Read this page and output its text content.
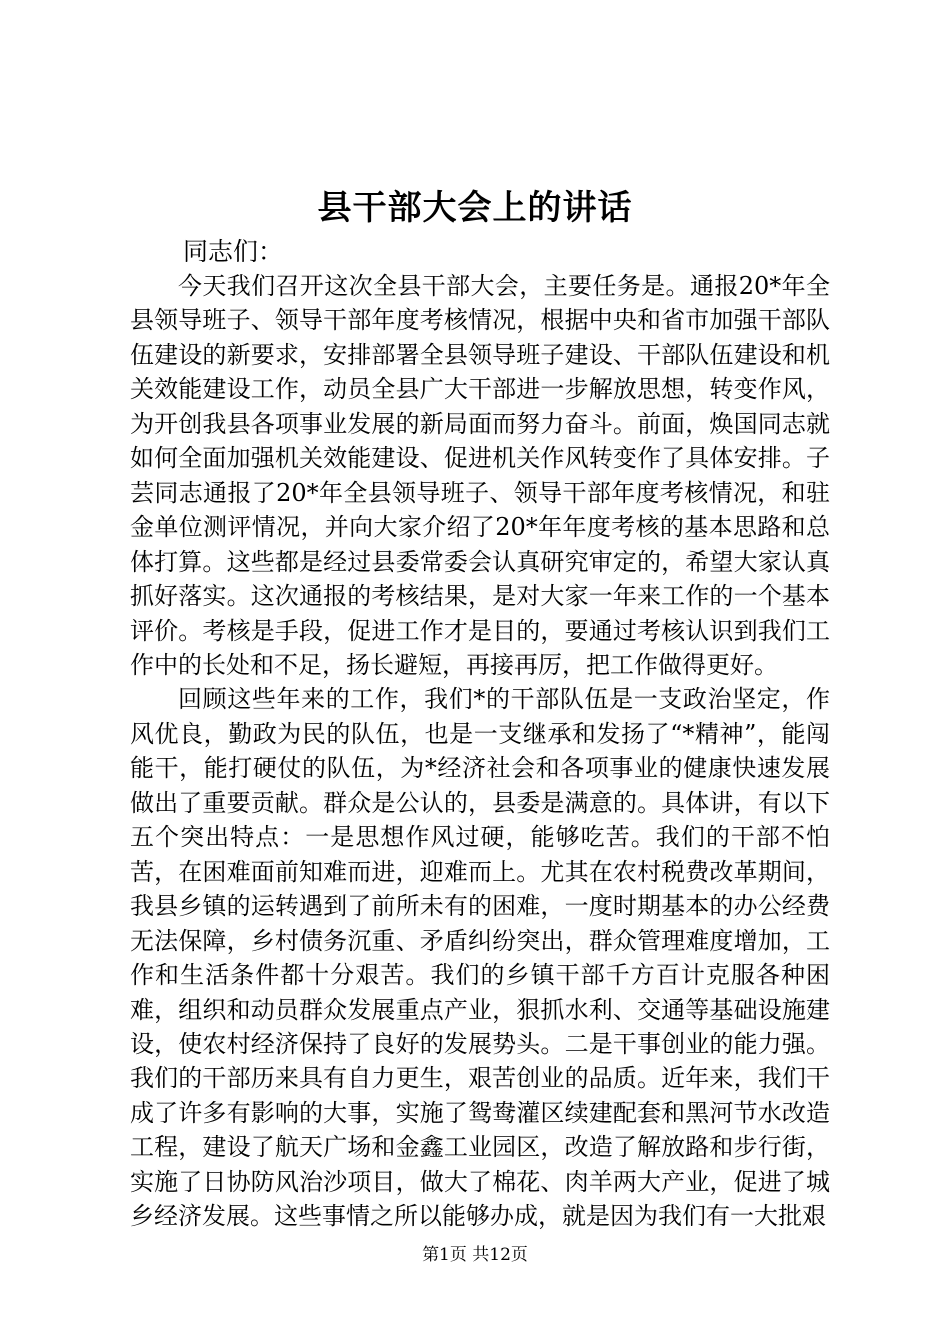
县干部大会上的讲话

同志们：

今天我们召开这次全县干部大会，主要任务是。通报20*年全县领导班子、领导干部年度考核情况，根据中央和省市加强干部队伍建设的新要求，安排部署全县领导班子建设、干部队伍建设和机关效能建设工作，动员全县广大干部进一步解放思想，转变作风，为开创我县各项事业发展的新局面而努力奋斗。前面，焕国同志就如何全面加强机关效能建设、促进机关作风转变作了具体安排。子芸同志通报了20*年全县领导班子、领导干部年度考核情况，和驻金单位测评情况，并向大家介绍了20*年年度考核的基本思路和总体打算。这些都是经过县委常委会认真研究审定的，希望大家认真抓好落实。这次通报的考核结果，是对大家一年来工作的一个基本评价。考核是手段，促进工作才是目的，要通过考核认识到我们工作中的长处和不足，扬长避短，再接再厉，把工作做得更好。

回顾这些年来的工作，我们*的干部队伍是一支政治坚定，作风优良，勤政为民的队伍，也是一支继承和发扬了“*精神”，能闯能干，能打硬仗的队伍，为*经济社会和各项事业的健康快速发展做出了重要贡献。群众是公认的，县委是满意的。具体讲，有以下五个突出特点：一是思想作风过硬，能够吃苦。我们的干部不怕苦，在困难面前知难而进，迎难而上。尤其在农村税费改革期间，我县乡镇的运转遇到了前所未有的困难，一度时期基本的办公经费无法保障，乡村债务沉重、矛盾纠纷突出，群众管理难度增加，工作和生活条件都十分艰苦。我们的乡镇干部千方百计克服各种困难，组织和动员群众发展重点产业，狠抓水利、交通等基础设施建设，使农村经济保持了良好的发展势头。二是干事创业的能力强。我们的干部历来具有自力更生，艰苦创业的品质。近年来，我们干成了许多有影响的大事，实施了鸳鸯灌区续建配套和黑河节水改造工程，建设了航天广场和金鑫工业园区，改造了解放路和步行街，实施了日协防风治沙项目，做大了棉花、肉羊两大产业，促进了城乡经济发展。这些事情之所以能够办成，就是因为我们有一大批艰

第1页 共12页
